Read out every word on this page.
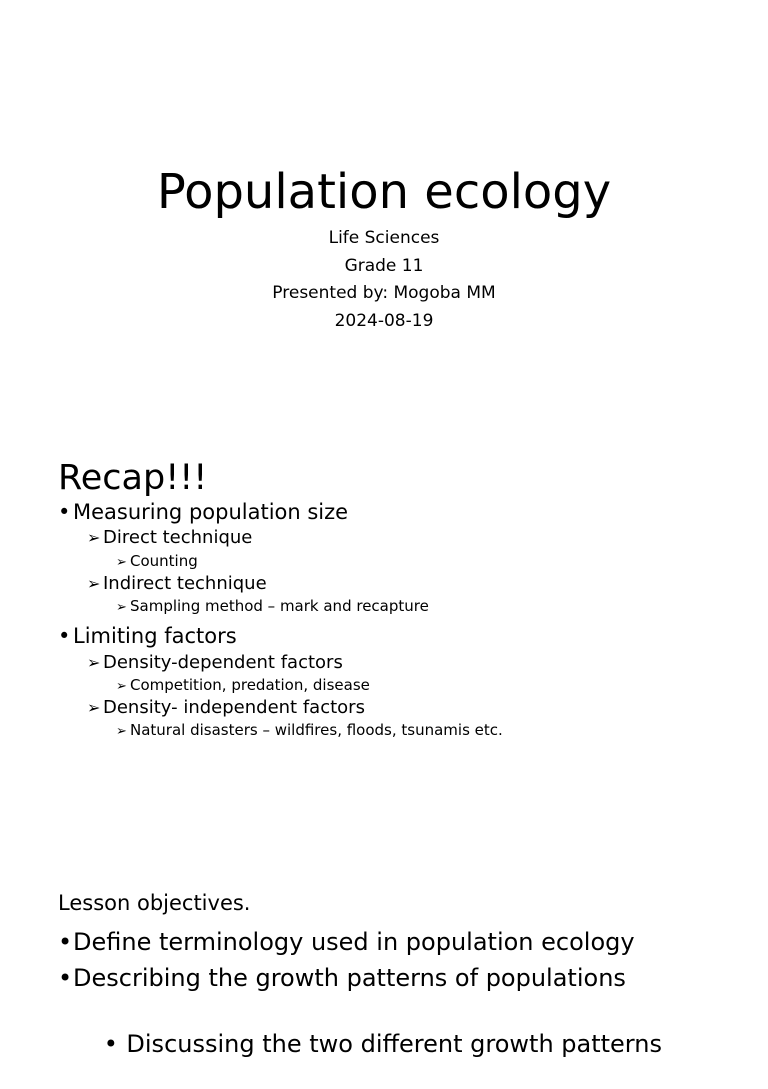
Population ecology
Life Sciences
Grade 11
Presented by: Mogoba MM
2024-08-19
Recap!!!
• Measuring population size
➢ Direct technique
➢ Counting
➢ Indirect technique
➢ Sampling method – mark and recapture
• Limiting factors
➢ Density-dependent factors
➢ Competition, predation, disease
➢ Density- independent factors
➢ Natural disasters – wildfires, floods, tsunamis etc.
Lesson objectives.
•Define terminology used in population ecology
•Describing the growth patterns of populations

• Discussing the two different growth patterns
